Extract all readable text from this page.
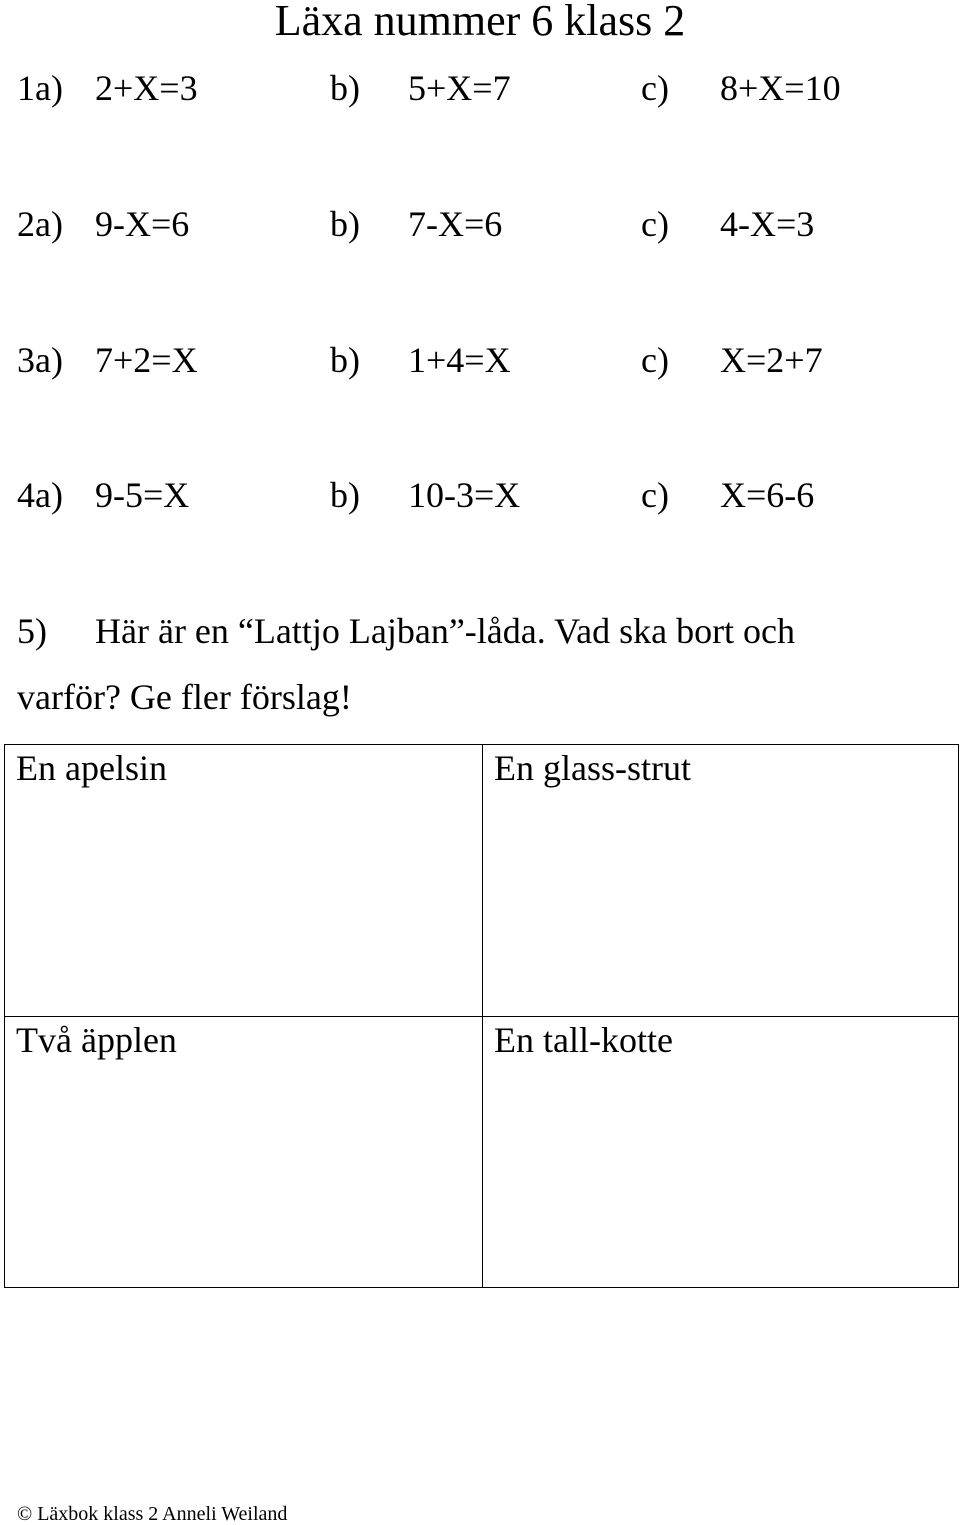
Läxa nummer 6 klass 2
1a) 2+X=3	b) 5+X=7	c) 8+X=10
2a) 9-X=6	b) 7-X=6	c) 4-X=3
3a) 7+2=X	b) 1+4=X	c) X=2+7
4a) 9-5=X	b) 10-3=X	c) X=6-6
5) Här är en “Lattjo Lajban”-låda. Vad ska bort och
varför? Ge fler förslag!
En apelsin	En glass-strut
Två äpplen	En tall-kotte
© Läxbok klass 2 Anneli Weiland
